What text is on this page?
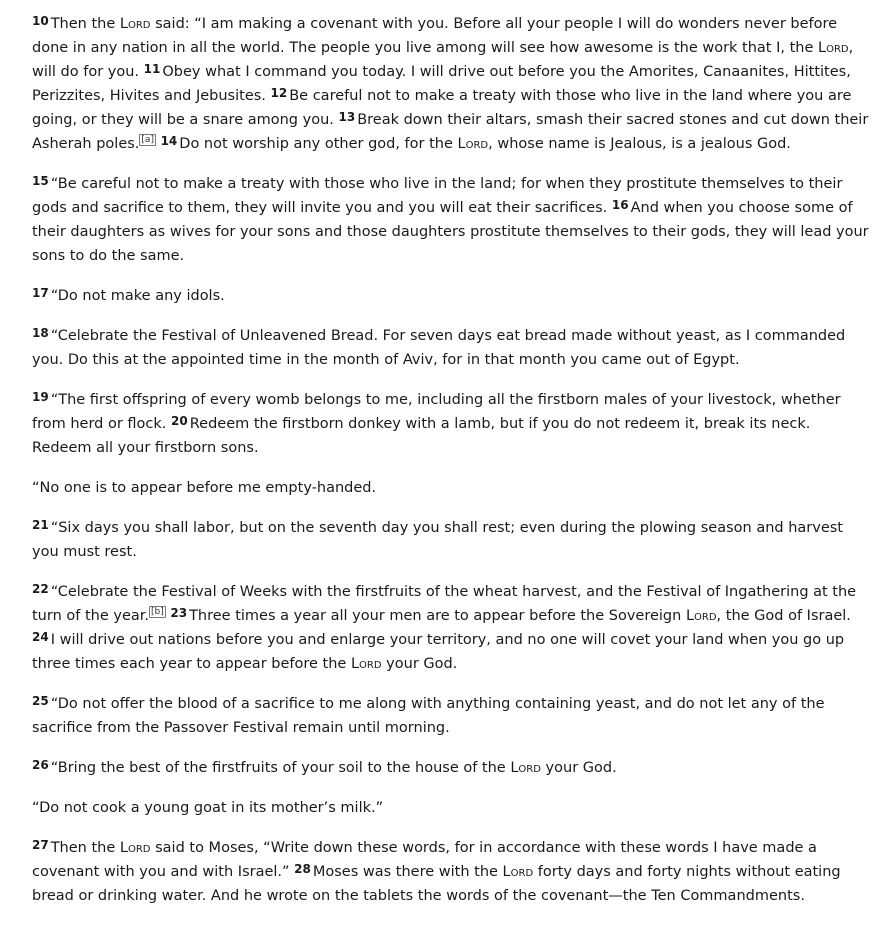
$^{10}$ Then the Lord said: “I am making a covenant with you. Before all your people I will do wonders never before done in any nation in all the world. The people you live among will see how awesome is the work that I, the Lord, will do for you. $^{11}$ Obey what I command you today. I will drive out before you the Amorites, Canaanites, Hittites, Perizzites, Hivites and Jebusites. $^{12}$ Be careful not to make a treaty with those who live in the land where you are going, or they will be a snare among you. $^{13}$ Break down their altars, smash their sacred stones and cut down their Asherah poles. [a] $^{14}$ Do not worship any other god, for the Lord, whose name is Jealous, is a jealous God.

$^{15}$ “Be careful not to make a treaty with those who live in the land; for when they prostitute themselves to their gods and sacrifice to them, they will invite you and you will eat their sacrifices. $^{16}$ And when you choose some of their daughters as wives for your sons and those daughters prostitute themselves to their gods, they will lead your sons to do the same.

$^{17}$ “Do not make any idols.

$^{18}$ “Celebrate the Festival of Unleavened Bread. For seven days eat bread made without yeast, as I commanded you. Do this at the appointed time in the month of Aviv, for in that month you came out of Egypt.

$^{19}$ “The first offspring of every womb belongs to me, including all the firstborn males of your livestock, whether from herd or flock. $^{20}$ Redeem the firstborn donkey with a lamb, but if you do not redeem it, break its neck. Redeem all your firstborn sons.

“No one is to appear before me empty-handed.

$^{21}$ “Six days you shall labor, but on the seventh day you shall rest; even during the plowing season and harvest you must rest.

$^{22}$ “Celebrate the Festival of Weeks with the firstfruits of the wheat harvest, and the Festival of Ingathering at the turn of the year. [b] $^{23}$ Three times a year all your men are to appear before the Sovereign Lord, the God of Israel. $^{24}$ I will drive out nations before you and enlarge your territory, and no one will covet your land when you go up three times each year to appear before the Lord your God.

$^{25}$ “Do not offer the blood of a sacrifice to me along with anything containing yeast, and do not let any of the sacrifice from the Passover Festival remain until morning.

$^{26}$ “Bring the best of the firstfruits of your soil to the house of the Lord your God.

“Do not cook a young goat in its mother’s milk.”

$^{27}$ Then the Lord said to Moses, “Write down these words, for in accordance with these words I have made a covenant with you and with Israel.” $^{28}$ Moses was there with the Lord forty days and forty nights without eating bread or drinking water. And he wrote on the tablets the words of the covenant—the Ten Commandments.
